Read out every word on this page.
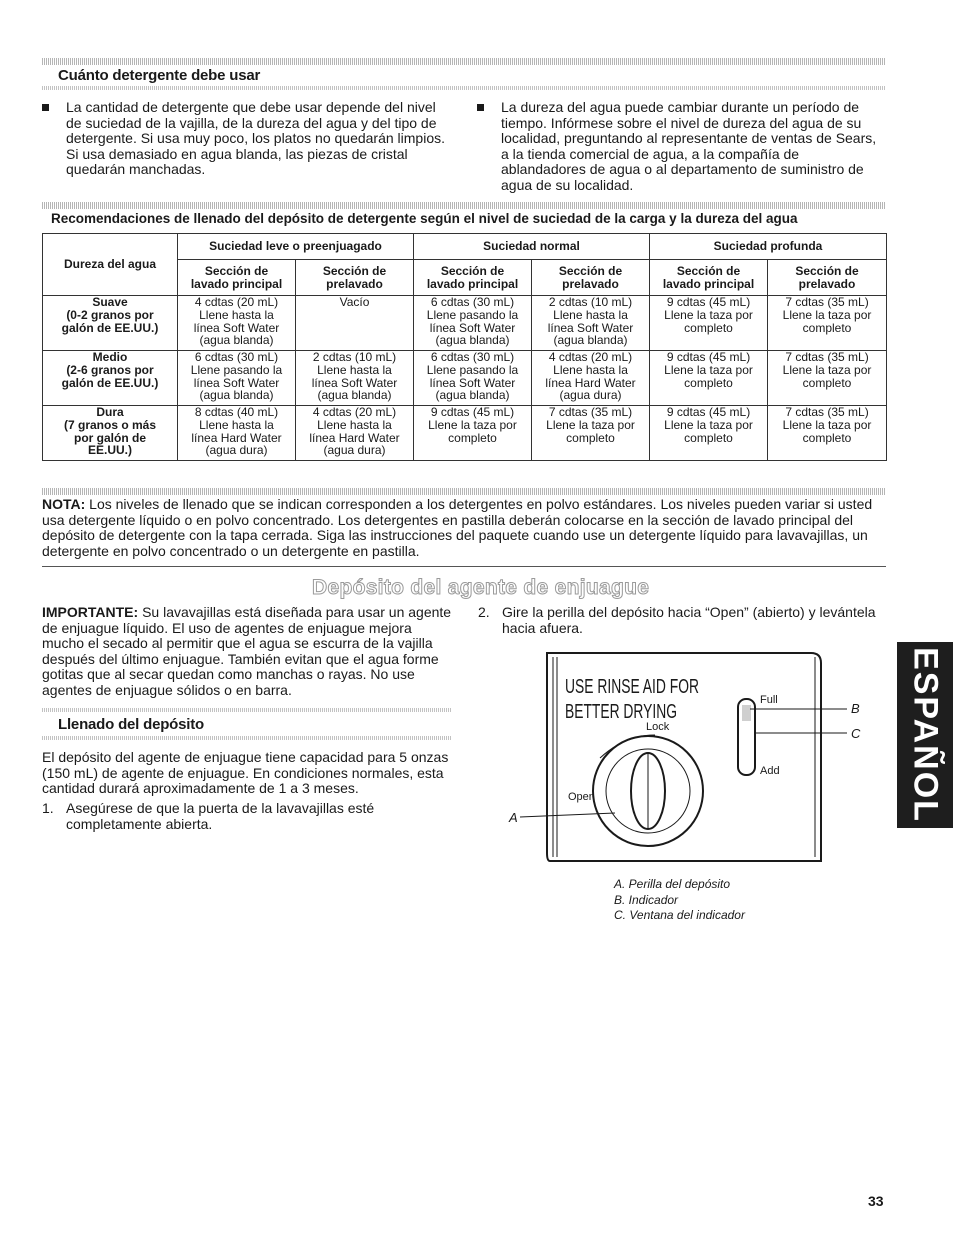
Cuánto detergente debe usar
La cantidad de detergente que debe usar depende del nivel de suciedad de la vajilla, de la dureza del agua y del tipo de detergente. Si usa muy poco, los platos no quedarán limpios. Si usa demasiado en agua blanda, las piezas de cristal quedarán manchadas.
La dureza del agua puede cambiar durante un período de tiempo. Infórmese sobre el nivel de dureza del agua de su localidad, preguntando al representante de ventas de Sears, a la tienda comercial de agua, a la compañía de ablandadores de agua o al departamento de suministro de agua de su localidad.
Recomendaciones de llenado del depósito de detergente según el nivel de suciedad de la carga y la dureza del agua
Dureza del agua	Suciedad leve o preenjuagado		Suciedad normal		Suciedad profunda	
	Sección de
lavado principal	Sección de
prelavado	Sección de
lavado principal	Sección de
prelavado	Sección de
lavado principal	Sección de
prelavado
Suave
(0-2 granos por
galón de EE.UU.)	4 cdtas (20 mL)
Llene hasta la
línea Soft Water
(agua blanda)	Vacío	6 cdtas (30 mL)
Llene pasando la
línea Soft Water
(agua blanda)	2 cdtas (10 mL)
Llene hasta la
línea Soft Water
(agua blanda)	9 cdtas (45 mL)
Llene la taza por
completo	7 cdtas (35 mL)
Llene la taza por
completo
Medio
(2-6 granos por
galón de EE.UU.)	6 cdtas (30 mL)
Llene pasando la
línea Soft Water
(agua blanda)	2 cdtas (10 mL)
Llene hasta la
línea Soft Water
(agua blanda)	6 cdtas (30 mL)
Llene pasando la
línea Soft Water
(agua blanda)	4 cdtas (20 mL)
Llene hasta la
línea Hard Water
(agua dura)	9 cdtas (45 mL)
Llene la taza por
completo	7 cdtas (35 mL)
Llene la taza por
completo
Dura
(7 granos o más
por galón de
EE.UU.)	8 cdtas (40 mL)
Llene hasta la
línea Hard Water
(agua dura)	4 cdtas (20 mL)
Llene hasta la
línea Hard Water
(agua dura)	9 cdtas (45 mL)
Llene la taza por
completo	7 cdtas (35 mL)
Llene la taza por
completo	9 cdtas (45 mL)
Llene la taza por
completo	7 cdtas (35 mL)
Llene la taza por
completo
NOTA: Los niveles de llenado que se indican corresponden a los detergentes en polvo estándares. Los niveles pueden variar si usted usa detergente líquido o en polvo concentrado. Los detergentes en pastilla deberán colocarse en la sección de lavado principal del depósito de detergente con la tapa cerrada. Siga las instrucciones del paquete cuando use un detergente líquido para lavavajillas, un detergente en polvo concentrado o un detergente en pastilla.
Depósito del agente de enjuague
IMPORTANTE: Su lavavajillas está diseñada para usar un agente de enjuague líquido. El uso de agentes de enjuague mejora mucho el secado al permitir que el agua se escurra de la vajilla después del último enjuague. También evitan que el agua forme gotitas que al secar quedan como manchas o rayas. No use agentes de enjuague sólidos o en barra.
Llenado del depósito
El depósito del agente de enjuague tiene capacidad para 5 onzas (150 mL) de agente de enjuague. En condiciones normales, esta cantidad durará aproximadamente de 1 a 3 meses.
1. Asegúrese de que la puerta de la lavavajillas esté completamente abierta.
2. Gire la perilla del depósito hacia “Open” (abierto) y levántela hacia afuera.
USE RINSE AID FOR
BETTER DRYING
Lock
Open
Full
Add
B
C
A
A. Perilla del depósito
B. Indicador
C. Ventana del indicador
ESPAÑOL
33
